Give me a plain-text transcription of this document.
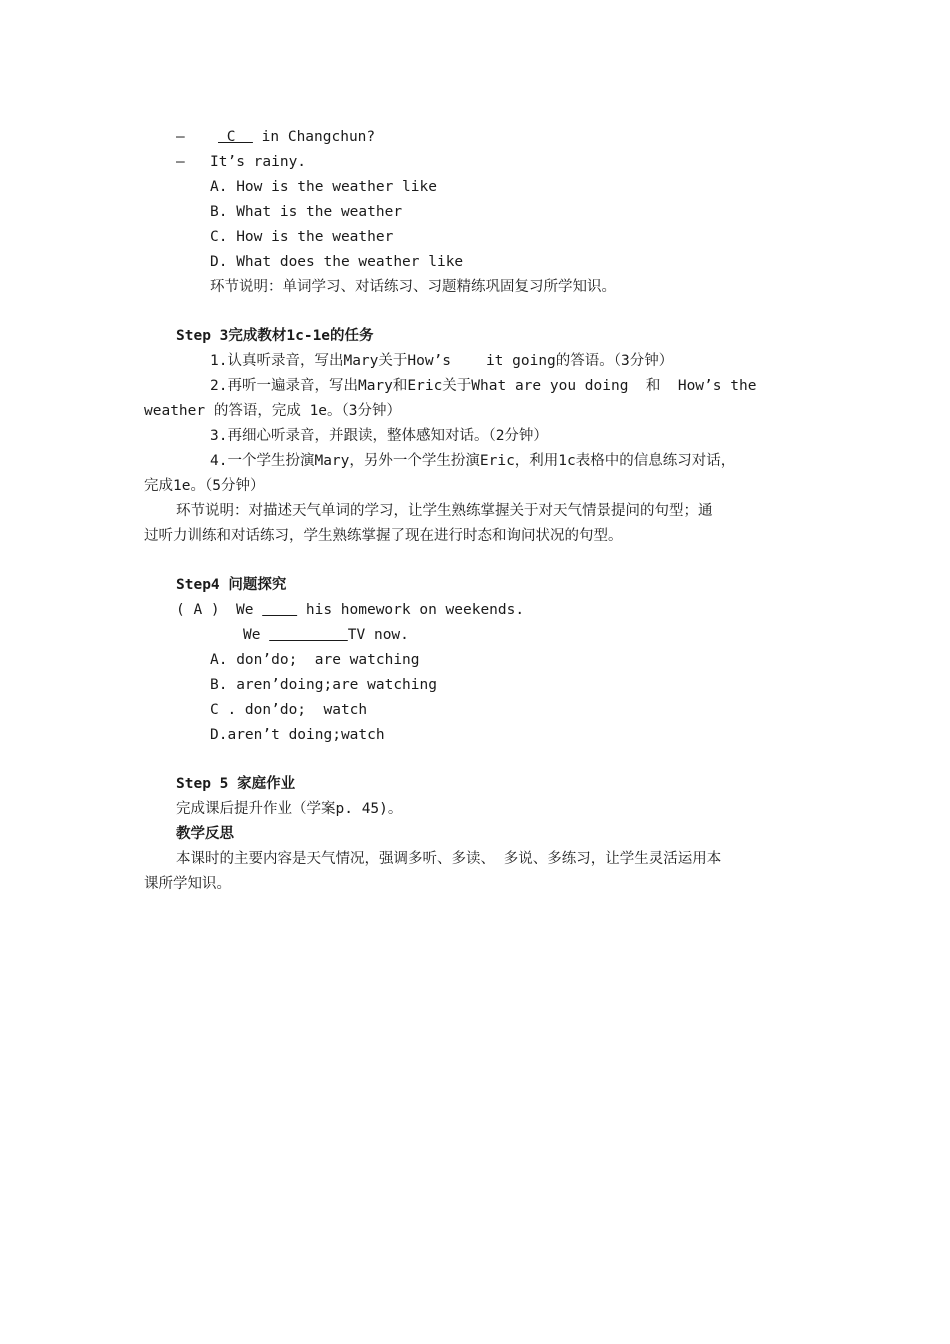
— C   in Changchun?
— It’s rainy.
A. How is the weather like
B. What is the weather
C. How is the weather
D. What does the weather like
环节说明：单词学习、对话练习、习题精练巩固复习所学知识。
Step 3完成教材1c-1e的任务
1.认真听录音，写出Mary关于How’s    it going的答语。（3分钟）
2.再听一遍录音，写出Mary和Eric关于What are you doing  和  How’s the
weather 的答语，完成 1e。（3分钟）
3.再细心听录音，并跟读，整体感知对话。（2分钟）
4.一个学生扮演Mary，另外一个学生扮演Eric，利用1c表格中的信息练习对话，
完成1e。（5分钟）
环节说明：对描述天气单词的学习，让学生熟练掌握关于对天气情景提问的句型；通
过听力训练和对话练习，学生熟练掌握了现在进行时态和询问状况的句型。
Step4 问题探究
( A ) We      his homework on weekends.
We	TV now.
A. don’do;  are watching
B. aren’doing;are watching
C . don’do;  watch
D.aren’t doing;watch
Step 5 家庭作业
完成课后提升作业（学案p. 45)。
教学反思
本课时的主要内容是天气情况，强调多听、多读、 多说、多练习，让学生灵活运用本
课所学知识。
